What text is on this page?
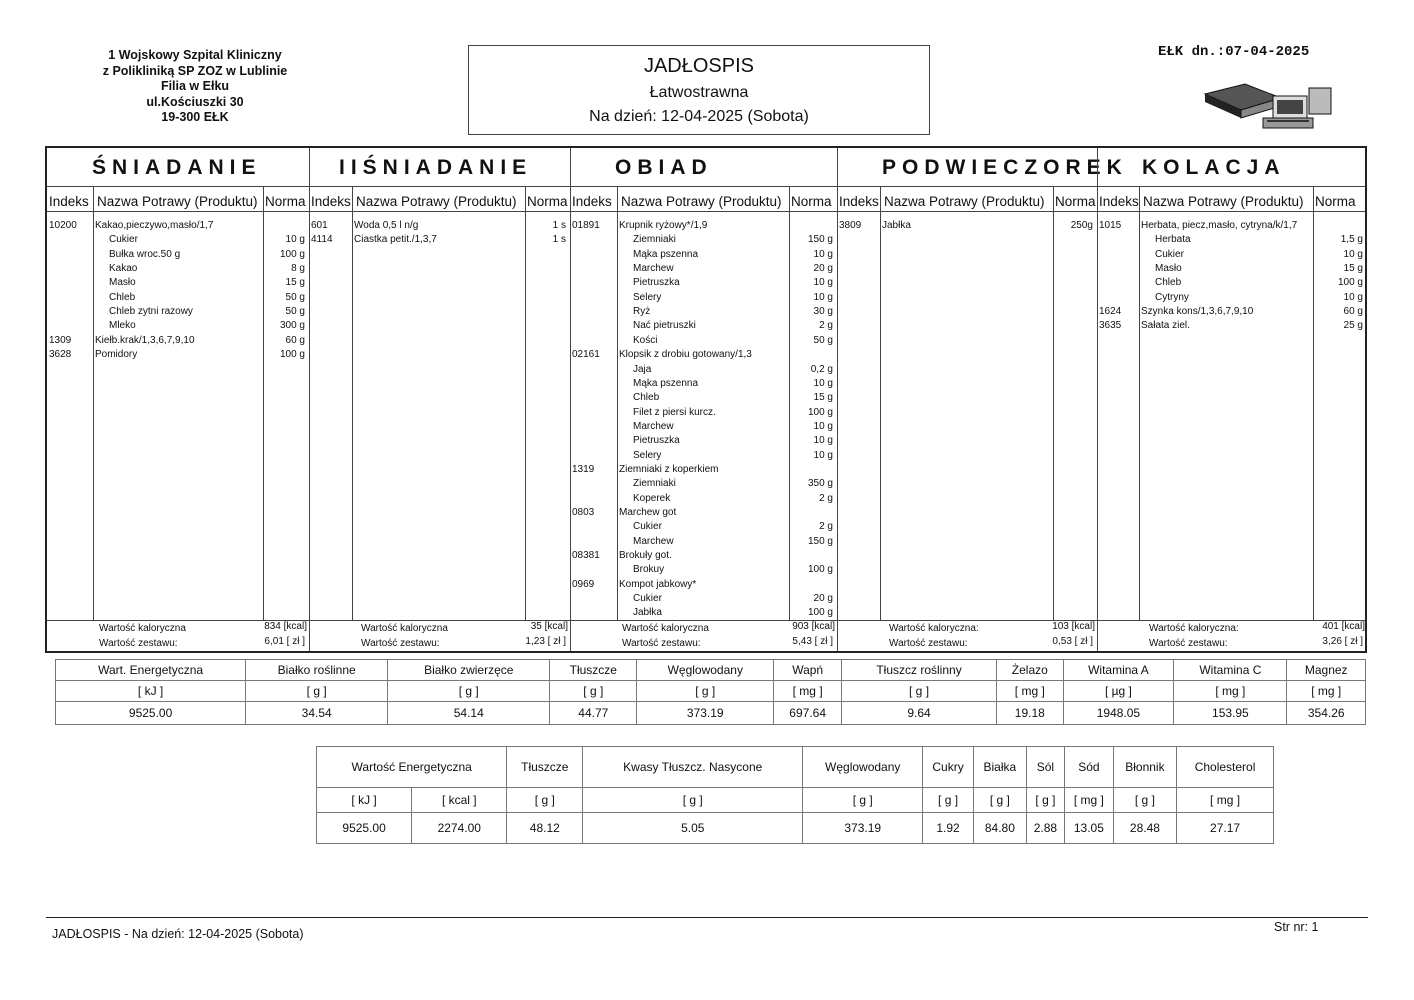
1 Wojskowy Szpital Kliniczny
z Polikliniką SP ZOZ w Lublinie
Filia w Ełku
ul.Kościuszki 30
19-300 EŁK
JADŁOSPIS
Łatwostrawna
Na dzień: 12-04-2025 (Sobota)
EŁK dn.:07-04-2025
ŚNIADANIE
Indeks Nazwa Potrawy (Produktu) Norma
10200 Kakao,pieczywo,masło/1,7
Cukier	10 g
Bułka wroc.50 g	100 g
Kakao	8 g
Masło	15 g
Chleb	50 g
Chleb zytni razowy	50 g
Mleko	300 g
1309 Kiełb.krak/1,3,6,7,9,10	60 g
3628 Pomidory	100 g
Wartość kaloryczna	834 [kcal]
Wartość zestawu:	6,01 [ zł ]
IIŚNIADANIE
Indeks Nazwa Potrawy (Produktu) Norma
601	Woda 0,5 l n/g	1 s
4114 Ciastka petit./1,3,7	1 s
Wartość kaloryczna	35 [kcal]
Wartość zestawu:	1,23 [ zł ]
OBIAD
Indeks Nazwa Potrawy (Produktu) Norma
01891 Krupnik ryżowy*/1,9
Ziemniaki	150 g
Mąka pszenna	10 g
Marchew	20 g
Pietruszka	10 g
Selery	10 g
Ryż	30 g
Nać pietruszki	2 g
Kości	50 g
02161 Klopsik z drobiu gotowany/1,3
Jaja	0,2 g
Mąka pszenna	10 g
Chleb	15 g
Filet z piersi kurcz.	100 g
Marchew	10 g
Pietruszka	10 g
Selery	10 g
1319 Ziemniaki z koperkiem
Ziemniaki	350 g
Koperek	2 g
0803 Marchew got
Cukier	2 g
Marchew	150 g
08381 Brokuły got.
Brokuy	100 g
0969 Kompot jabkowy*
Cukier	20 g
Jabłka	100 g
Wartość kaloryczna	903 [kcal]
Wartość zestawu:	5,43 [ zł ]
PODWIECZOREK
Indeks Nazwa Potrawy (Produktu) Norma
3809 Jabłka	250g
Wartość kaloryczna:	103 [kcal]
Wartość zestawu:	0,53 [ zł ]
KOLACJA
Indeks Nazwa Potrawy (Produktu) Norma
1015 Herbata, piecz,masło, cytryna/k/1,7
Herbata	1,5 g
Cukier	10 g
Masło	15 g
Chleb	100 g
Cytryny	10 g
1624 Szynka kons/1,3,6,7,9,10	60 g
3635 Sałata ziel.	25 g
Wartość kaloryczna:	401 [kcal]
Wartość zestawu:	3,26 [ zł ]
Wart. Energetyczna	Białko roślinne	Białko zwierzęce	Tłuszcze	Węglowodany	Wapń	Tłuszcz roślinny	Żelazo	Witamina A	Witamina C	Magnez
[ kJ ]	[ g ]	[ g ]	[ g ]	[ g ]	[ mg ]	[ g ]	[ mg ]	[ µg ]	[ mg ]	[ mg ]
9525.00	34.54	54.14	44.77	373.19	697.64	9.64	19.18	1948.05	153.95	354.26
Wartość Energetyczna		Tłuszcze	Kwasy Tłuszcz. Nasycone	Węglowodany	Cukry	Białka	Sól	Sód	Błonnik	Cholesterol
[ kJ ]	[ kcal ]	[ g ]	[ g ]	[ g ]	[ g ]	[ g ]	[ g ]	[ mg ]	[ g ]	[ mg ]
9525.00	2274.00	48.12	5.05	373.19	1.92	84.80	2.88	13.05	28.48	27.17
JADŁOSPIS - Na dzień: 12-04-2025 (Sobota)	Str nr: 1
